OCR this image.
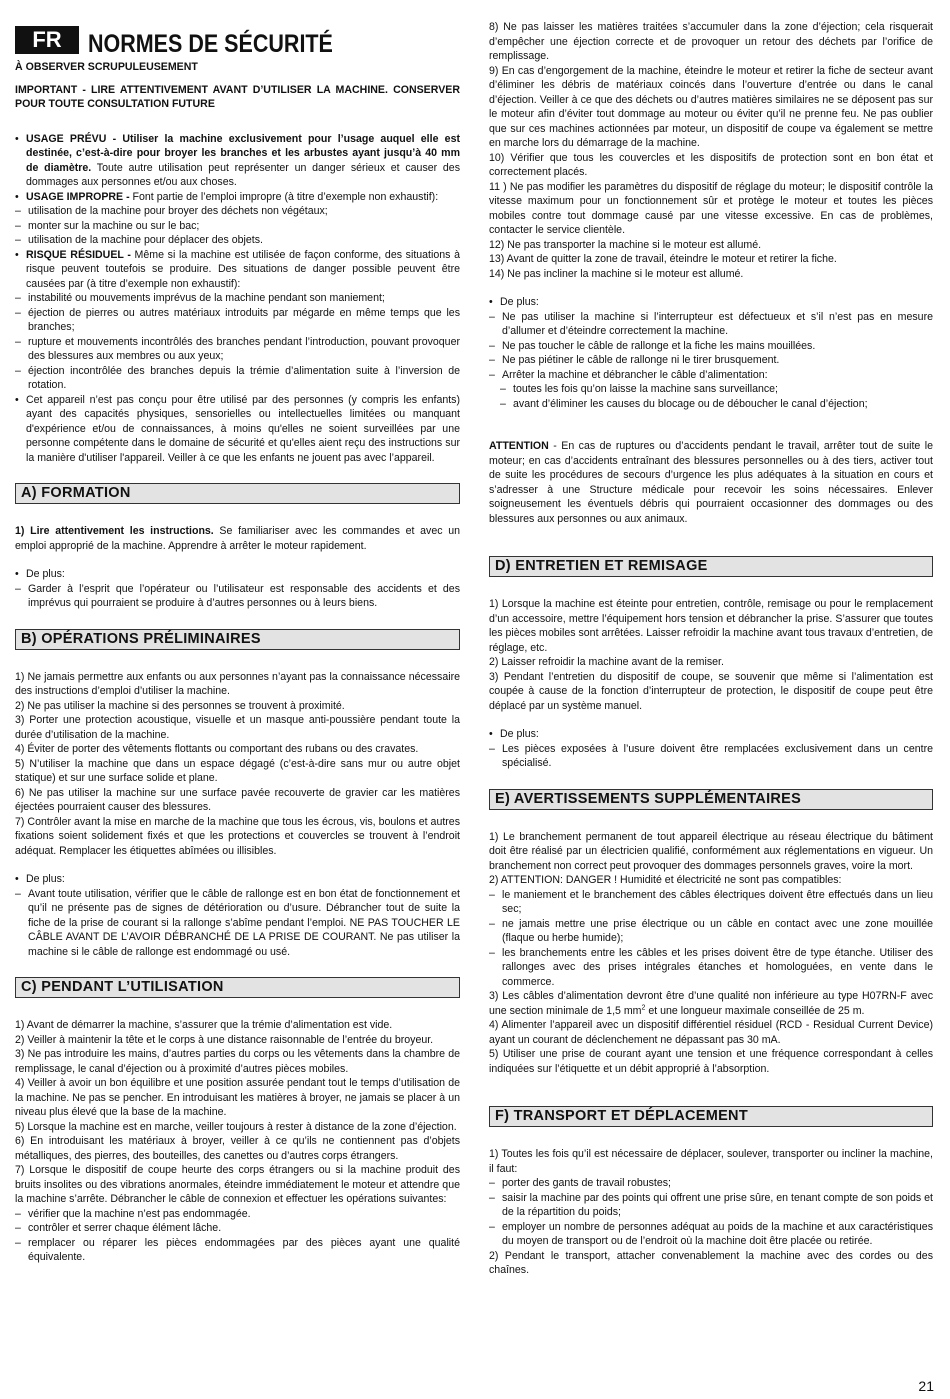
FR	NORMES DE SÉCURITÉ
À OBSERVER SCRUPULEUSEMENT
IMPORTANT - LIRE ATTENTIVEMENT AVANT D’UTILISER LA MACHINE. CONSERVER POUR TOUTE CONSULTATION FUTURE
• USAGE PRÉVU - Utiliser la machine exclusivement pour l’usage auquel elle est destinée, c’est-à-dire pour broyer les branches et les arbustes ayant jusqu’à 40 mm de diamètre. Toute autre utilisation peut représenter un danger sérieux et causer des dommages aux personnes et/ou aux choses.
• USAGE IMPROPRE - Font partie de l’emploi impropre (à titre d’exemple non exhaustif):
– utilisation de la machine pour broyer des déchets non végétaux;
– monter sur la machine ou sur le bac;
– utilisation de la machine pour déplacer des objets.
• RISQUE RÉSIDUEL - Même si la machine est utilisée de façon conforme, des situations à risque peuvent toutefois se produire. Des situations de danger possible peuvent être causées par (à titre d’exemple non exhaustif):
– instabilité ou mouvements imprévus de la machine pendant son maniement;
– éjection de pierres ou autres matériaux introduits par mégarde en même temps que les branches;
– rupture et mouvements incontrôlés des branches pendant l’introduction, pouvant provoquer des blessures aux membres ou aux yeux;
– éjection incontrôlée des branches depuis la trémie d’alimentation suite à l’inversion de rotation.
• Cet appareil n’est pas conçu pour être utilisé par des personnes (y compris les enfants) ayant des capacités physiques, sensorielles ou intellectuelles limitées ou manquant d'expérience et/ou de connaissances, à moins qu'elles ne soient surveillées par une personne compétente dans le domaine de sécurité et qu'elles aient reçu des instructions sur la manière d'utiliser l'appareil. Veiller à ce que les enfants ne jouent pas avec l’appareil.
A) FORMATION

1) Lire attentivement les instructions. Se familiariser avec les commandes et avec un emploi approprié de la machine. Apprendre à arrêter le moteur rapidement.

• De plus:
– Garder à l’esprit que l’opérateur ou l’utilisateur est responsable des accidents et des imprévus qui pourraient se produire à d’autres personnes ou à leurs biens.
B) OPÉRATIONS PRÉLIMINAIRES

1) Ne jamais permettre aux enfants ou aux personnes n’ayant pas la connaissance nécessaire des instructions d’emploi d’utiliser la machine.

2) Ne pas utiliser la machine si des personnes se trouvent à proximité.

3) Porter une protection acoustique, visuelle et un masque anti-poussière pendant toute la durée d’utilisation de la machine.

4) Éviter de porter des vêtements flottants ou comportant des rubans ou des cravates.

5) N’utiliser la machine que dans un espace dégagé (c’est-à-dire sans mur ou autre objet statique) et sur une surface solide et plane.

6) Ne pas utiliser la machine sur une surface pavée recouverte de gravier car les matières éjectées pourraient causer des blessures.

7) Contrôler avant la mise en marche de la machine que tous les écrous, vis, boulons et autres fixations soient solidement fixés et que les protections et couvercles se trouvent à l’endroit adéquat. Remplacer les étiquettes abîmées ou illisibles.

• De plus:
– Avant toute utilisation, vérifier que le câble de rallonge est en bon état de fonctionnement et qu’il ne présente pas de signes de détérioration ou d’usure. Débrancher tout de suite la fiche de la prise de courant si la rallonge s’abîme pendant l’emploi. NE PAS TOUCHER LE CÂBLE AVANT DE L’AVOIR DÉBRANCHÉ DE LA PRISE DE COURANT. Ne pas utiliser la machine si le câble de rallonge est endommagé ou usé.
C) PENDANT L’UTILISATION

1) Avant de démarrer la machine, s’assurer que la trémie d’alimentation est vide.

2) Veiller à maintenir la tête et le corps à une distance raisonnable de l’entrée du broyeur.

3) Ne pas introduire les mains, d’autres parties du corps ou les vêtements dans la chambre de remplissage, le canal d’éjection ou à proximité d’autres pièces mobiles.

4) Veiller à avoir un bon équilibre et une position assurée pendant tout le temps d’utilisation de la machine. Ne pas se pencher. En introduisant les matières à broyer, ne jamais se placer à un niveau plus élevé que la base de la machine.

5) Lorsque la machine est en marche, veiller toujours à rester à distance de la zone d’éjection.

6) En introduisant les matériaux à broyer, veiller à ce qu’ils ne contiennent pas d’objets métalliques, des pierres, des bouteilles, des canettes ou d’autres corps étrangers.

7) Lorsque le dispositif de coupe heurte des corps étrangers ou si la machine produit des bruits insolites ou des vibrations anormales, éteindre immédiatement le moteur et attendre que la machine s’arrête. Débrancher le câble de connexion et effectuer les opérations suivantes:

– vérifier que la machine n’est pas endommagée.
– contrôler et serrer chaque élément lâche.
– remplacer ou réparer les pièces endommagées par des pièces ayant une qualité équivalente.

8) Ne pas laisser les matières traitées s’accumuler dans la zone d’éjection; cela risquerait d’empêcher une éjection correcte et de provoquer un retour des déchets par l’orifice de remplissage.

9) En cas d’engorgement de la machine, éteindre le moteur et retirer la fiche de secteur avant d’éliminer les débris de matériaux coincés dans l’ouverture d’entrée ou dans le canal d’éjection. Veiller à ce que des déchets ou d’autres matières similaires ne se déposent pas sur le moteur afin d’éviter tout dommage au moteur ou éviter qu’il ne prenne feu. Ne pas oublier que sur ces machines actionnées par moteur, un dispositif de coupe va également se mettre en marche lors du démarrage de la machine.

10) Vérifier que tous les couvercles et les dispositifs de protection sont en bon état et correctement placés.

11 ) Ne pas modifier les paramètres du dispositif de réglage du moteur; le dispositif contrôle la vitesse maximum pour un fonctionnement sûr et protège le moteur et toutes les pièces mobiles contre tout dommage causé par une vitesse excessive. En cas de problèmes, contacter le service clientèle.

12) Ne pas transporter la machine si le moteur est allumé.

13) Avant de quitter la zone de travail, éteindre le moteur et retirer la fiche.

14) Ne pas incliner la machine si le moteur est allumé.

• De plus:
– Ne pas utiliser la machine si l’interrupteur est défectueux et s’il n’est pas en mesure d’allumer et d’éteindre correctement la machine.
– Ne pas toucher le câble de rallonge et la fiche les mains mouillées.
– Ne pas piétiner le câble de rallonge ni le tirer brusquement.
– Arrêter la machine et débrancher le câble d’alimentation:
– toutes les fois qu’on laisse la machine sans surveillance;
– avant d’éliminer les causes du blocage ou de déboucher le canal d’éjection;

ATTENTION - En cas de ruptures ou d’accidents pendant le travail, arrêter tout de suite le moteur; en cas d’accidents entraînant des blessures personnelles ou à des tiers, activer tout de suite les procédures de secours d’urgence les plus adéquates à la situation en cours et s’adresser à une Structure médicale pour recevoir les soins nécessaires. Enlever soigneusement les éventuels débris qui pourraient occasionner des dommages ou des blessures aux personnes ou aux animaux.

D) ENTRETIEN ET REMISAGE

1) Lorsque la machine est éteinte pour entretien, contrôle, remisage ou pour le remplacement d’un accessoire, mettre l’équipement hors tension et débrancher la prise. S’assurer que toutes les pièces mobiles sont arrêtées. Laisser refroidir la machine avant tous travaux d’entretien, de réglage, etc.

2) Laisser refroidir la machine avant de la remiser.

3) Pendant l’entretien du dispositif de coupe, se souvenir que même si l’alimentation est coupée à cause de la fonction d’interrupteur de protection, le dispositif de coupe peut être déplacé par un système manuel.

• De plus:
– Les pièces exposées à l’usure doivent être remplacées exclusivement dans un centre spécialisé.
E) AVERTISSEMENTS SUPPLÉMENTAIRES

1) Le branchement permanent de tout appareil électrique au réseau électrique du bâtiment doit être réalisé par un électricien qualifié, conformément aux réglementations en vigueur. Un branchement non correct peut provoquer des dommages personnels graves, voire la mort.

2) ATTENTION: DANGER ! Humidité et électricité ne sont pas compatibles:

– le maniement et le branchement des câbles électriques doivent être effectués dans un lieu sec;
– ne jamais mettre une prise électrique ou un câble en contact avec une zone mouillée (flaque ou herbe humide);
– les branchements entre les câbles et les prises doivent être de type étanche. Utiliser des rallonges avec des prises intégrales étanches et homologuées, en vente dans le commerce.

3) Les câbles d’alimentation devront être d’une qualité non inférieure au type H07RN-F avec une section minimale de 1,5 $mm^2$ et une longueur maximale conseillée de 25 m.

4) Alimenter l’appareil avec un dispositif différentiel résiduel (RCD - Residual Current Device) ayant un courant de déclenchement ne dépassant pas 30 mA.

5) Utiliser une prise de courant ayant une tension et une fréquence correspondant à celles indiquées sur l’étiquette et un débit approprié à l’absorption.

F) TRANSPORT ET DÉPLACEMENT

1) Toutes les fois qu’il est nécessaire de déplacer, soulever, transporter ou incliner la machine, il faut:

– porter des gants de travail robustes;
– saisir la machine par des points qui offrent une prise sûre, en tenant compte de son poids et de la répartition du poids;
– employer un nombre de personnes adéquat au poids de la machine et aux caractéristiques du moyen de transport ou de l’endroit où la machine doit être placée ou retirée.

2) Pendant le transport, attacher convenablement la machine avec des cordes ou des chaînes.

21
